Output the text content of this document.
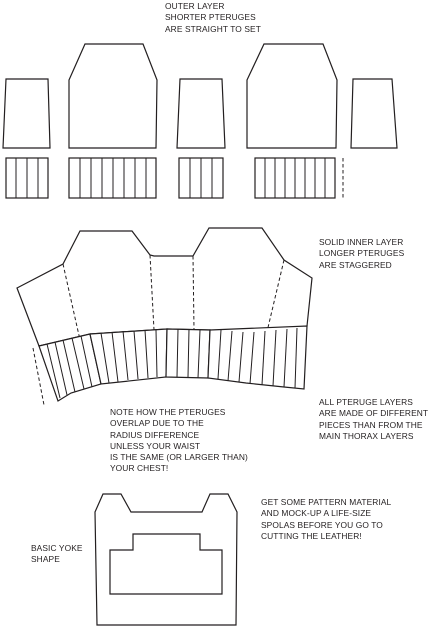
OUTER LAYER
SHORTER PTERUGES
ARE STRAIGHT TO SET
SOLID INNER LAYER
LONGER PTERUGES
ARE STAGGERED
ALL PTERUGE LAYERS
ARE MADE OF DIFFERENT
PIECES THAN FROM THE
MAIN THORAX LAYERS
NOTE HOW THE PTERUGES
OVERLAP DUE TO THE
RADIUS DIFFERENCE
UNLESS YOUR WAIST
IS THE SAME (OR LARGER THAN)
YOUR CHEST!
GET SOME PATTERN MATERIAL
AND MOCK-UP A LIFE-SIZE
SPOLAS BEFORE YOU GO TO
CUTTING THE LEATHER!
BASIC YOKE
SHAPE
